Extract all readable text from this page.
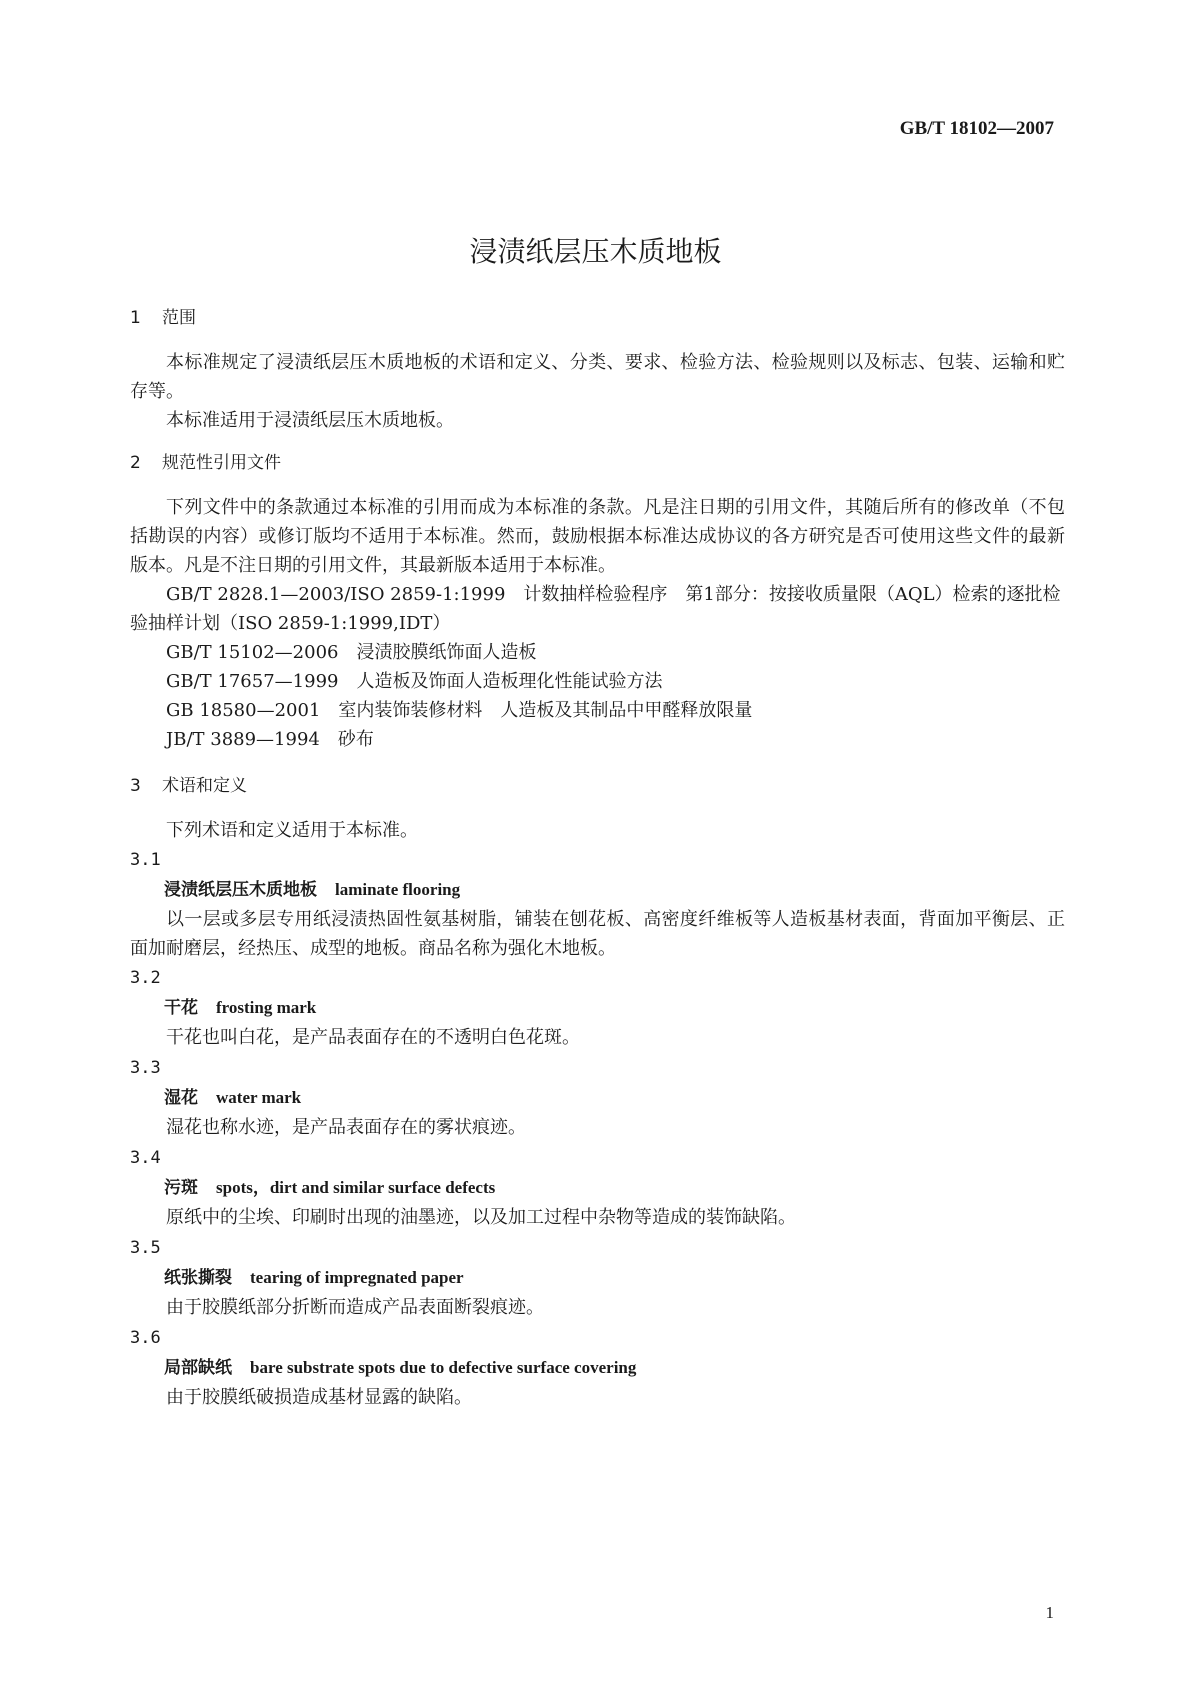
GB/T 18102—2007
浸渍纸层压木质地板
1 范围

本标准规定了浸渍纸层压木质地板的术语和定义、分类、要求、检验方法、检验规则以及标志、包装、运输和贮存等。

本标准适用于浸渍纸层压木质地板。

2 规范性引用文件

下列文件中的条款通过本标准的引用而成为本标准的条款。凡是注日期的引用文件，其随后所有的修改单（不包括勘误的内容）或修订版均不适用于本标准。然而，鼓励根据本标准达成协议的各方研究是否可使用这些文件的最新版本。凡是不注日期的引用文件，其最新版本适用于本标准。

GB/T 2828.1—2003/ISO 2859-1:1999　计数抽样检验程序　第1部分：按接收质量限（AQL）检索的逐批检验抽样计划（ISO 2859-1:1999,IDT）

GB/T 15102—2006　浸渍胶膜纸饰面人造板

GB/T 17657—1999　人造板及饰面人造板理化性能试验方法

GB 18580—2001　室内装饰装修材料　人造板及其制品中甲醛释放限量

JB/T 3889—1994　砂布

3 术语和定义

下列术语和定义适用于本标准。

3.1
浸渍纸层压木质地板 laminate flooring

以一层或多层专用纸浸渍热固性氨基树脂，铺装在刨花板、高密度纤维板等人造板基材表面，背面加平衡层、正面加耐磨层，经热压、成型的地板。商品名称为强化木地板。

3.2
干花 frosting mark

干花也叫白花，是产品表面存在的不透明白色花斑。

3.3
湿花 water mark

湿花也称水迹，是产品表面存在的雾状痕迹。

3.4
污斑 spots，dirt and similar surface defects

原纸中的尘埃、印刷时出现的油墨迹，以及加工过程中杂物等造成的装饰缺陷。

3.5
纸张撕裂 tearing of impregnated paper

由于胶膜纸部分折断而造成产品表面断裂痕迹。

3.6
局部缺纸 bare substrate spots due to defective surface covering

由于胶膜纸破损造成基材显露的缺陷。

1
